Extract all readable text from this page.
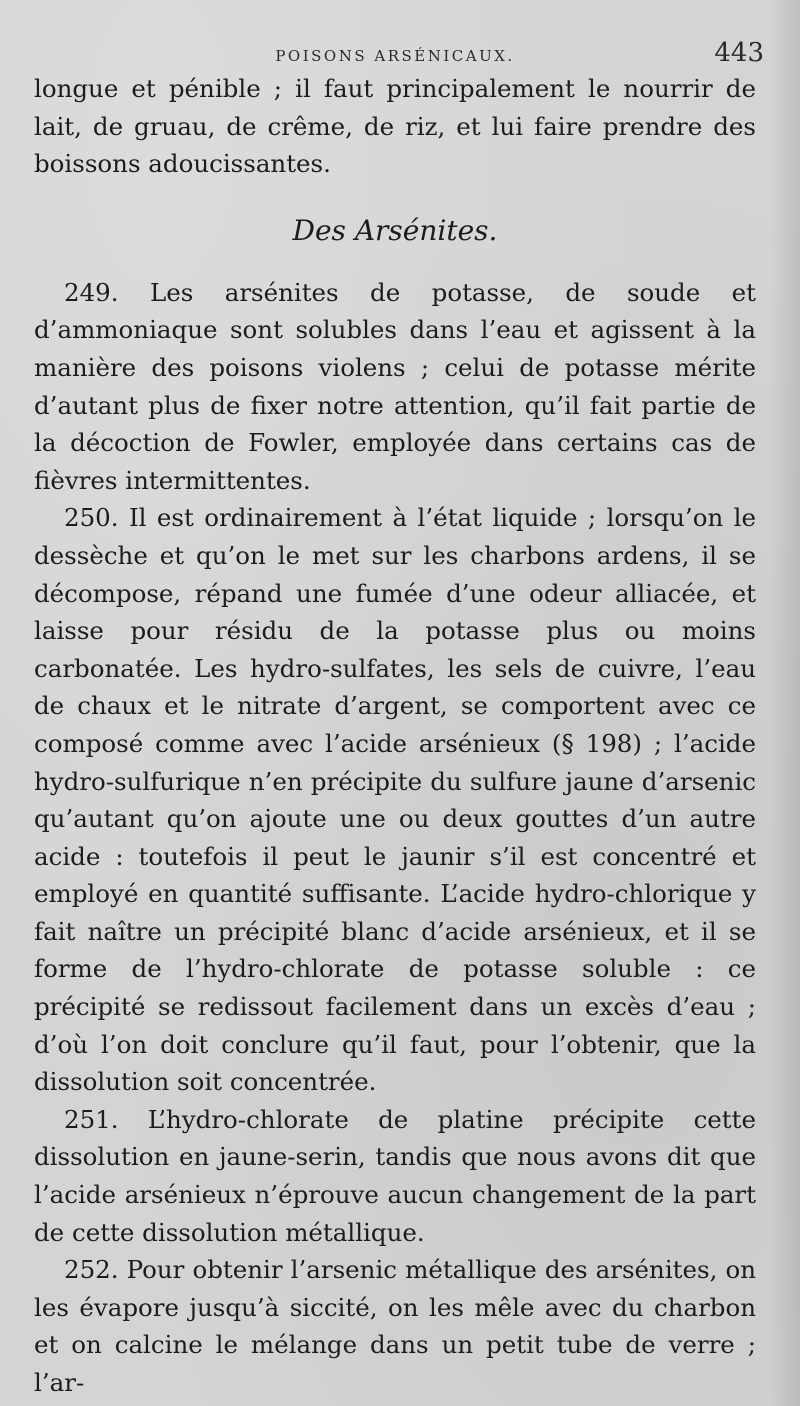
POISONS ARSÉNICAUX.	443

longue et pénible ; il faut principalement le nourrir de lait, de gruau, de crême, de riz, et lui faire prendre des boissons adoucissantes.

Des Arsénites.

249. Les arsénites de potasse, de soude et d’ammoniaque sont solubles dans l’eau et agissent à la manière des poisons violens ; celui de potasse mérite d’autant plus de fixer notre attention, qu’il fait partie de la décoction de Fowler, employée dans certains cas de fièvres intermittentes.

250. Il est ordinairement à l’état liquide ; lorsqu’on le dessèche et qu’on le met sur les charbons ardens, il se décompose, répand une fumée d’une odeur alliacée, et laisse pour résidu de la potasse plus ou moins carbonatée. Les hydro-sulfates, les sels de cuivre, l’eau de chaux et le nitrate d’argent, se comportent avec ce composé comme avec l’acide arsénieux (§ 198) ; l’acide hydro-sulfurique n’en précipite du sulfure jaune d’arsenic qu’autant qu’on ajoute une ou deux gouttes d’un autre acide : toutefois il peut le jaunir s’il est concentré et employé en quantité suffisante. L’acide hydro-chlorique y fait naître un précipité blanc d’acide arsénieux, et il se forme de l’hydro-chlorate de potasse soluble : ce précipité se redissout facilement dans un excès d’eau ; d’où l’on doit conclure qu’il faut, pour l’obtenir, que la dissolution soit concentrée.

251. L’hydro-chlorate de platine précipite cette dissolution en jaune-serin, tandis que nous avons dit que l’acide arsénieux n’éprouve aucun changement de la part de cette dissolution métallique.

252. Pour obtenir l’arsenic métallique des arsénites, on les évapore jusqu’à siccité, on les mêle avec du charbon et on calcine le mélange dans un petit tube de verre ; l’ar-
